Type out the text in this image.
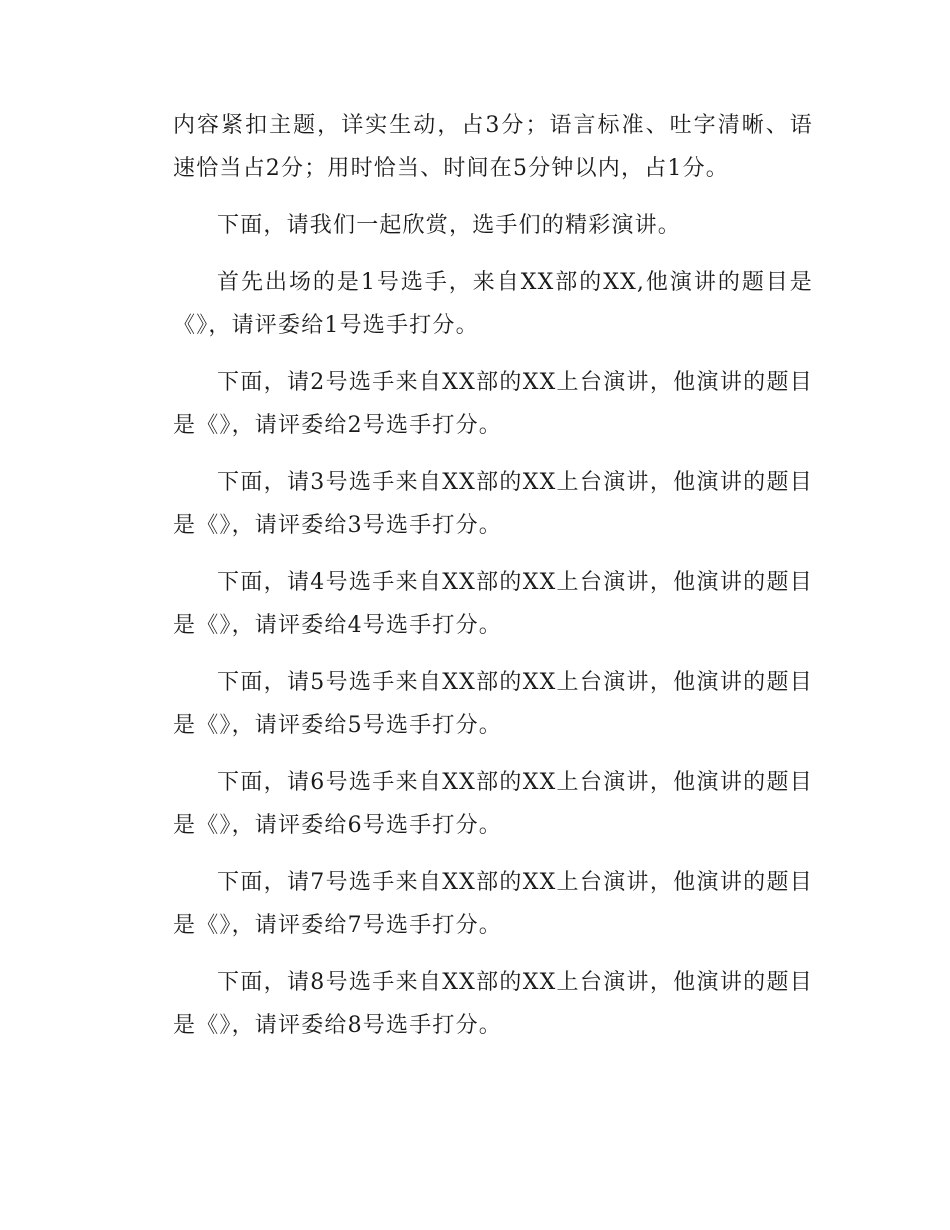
内容紧扣主题，详实生动，占3分；语言标准、吐字清晰、语速恰当占2分；用时恰当、时间在5分钟以内，占1分。

下面，请我们一起欣赏，选手们的精彩演讲。

首先出场的是1号选手，来自XX部的XX,他演讲的题目是《》，请评委给1号选手打分。

下面，请2号选手来自XX部的XX上台演讲，他演讲的题目是《》，请评委给2号选手打分。

下面，请3号选手来自XX部的XX上台演讲，他演讲的题目是《》，请评委给3号选手打分。

下面，请4号选手来自XX部的XX上台演讲，他演讲的题目是《》，请评委给4号选手打分。

下面，请5号选手来自XX部的XX上台演讲，他演讲的题目是《》，请评委给5号选手打分。

下面，请6号选手来自XX部的XX上台演讲，他演讲的题目是《》，请评委给6号选手打分。

下面，请7号选手来自XX部的XX上台演讲，他演讲的题目是《》，请评委给7号选手打分。

下面，请8号选手来自XX部的XX上台演讲，他演讲的题目是《》，请评委给8号选手打分。
